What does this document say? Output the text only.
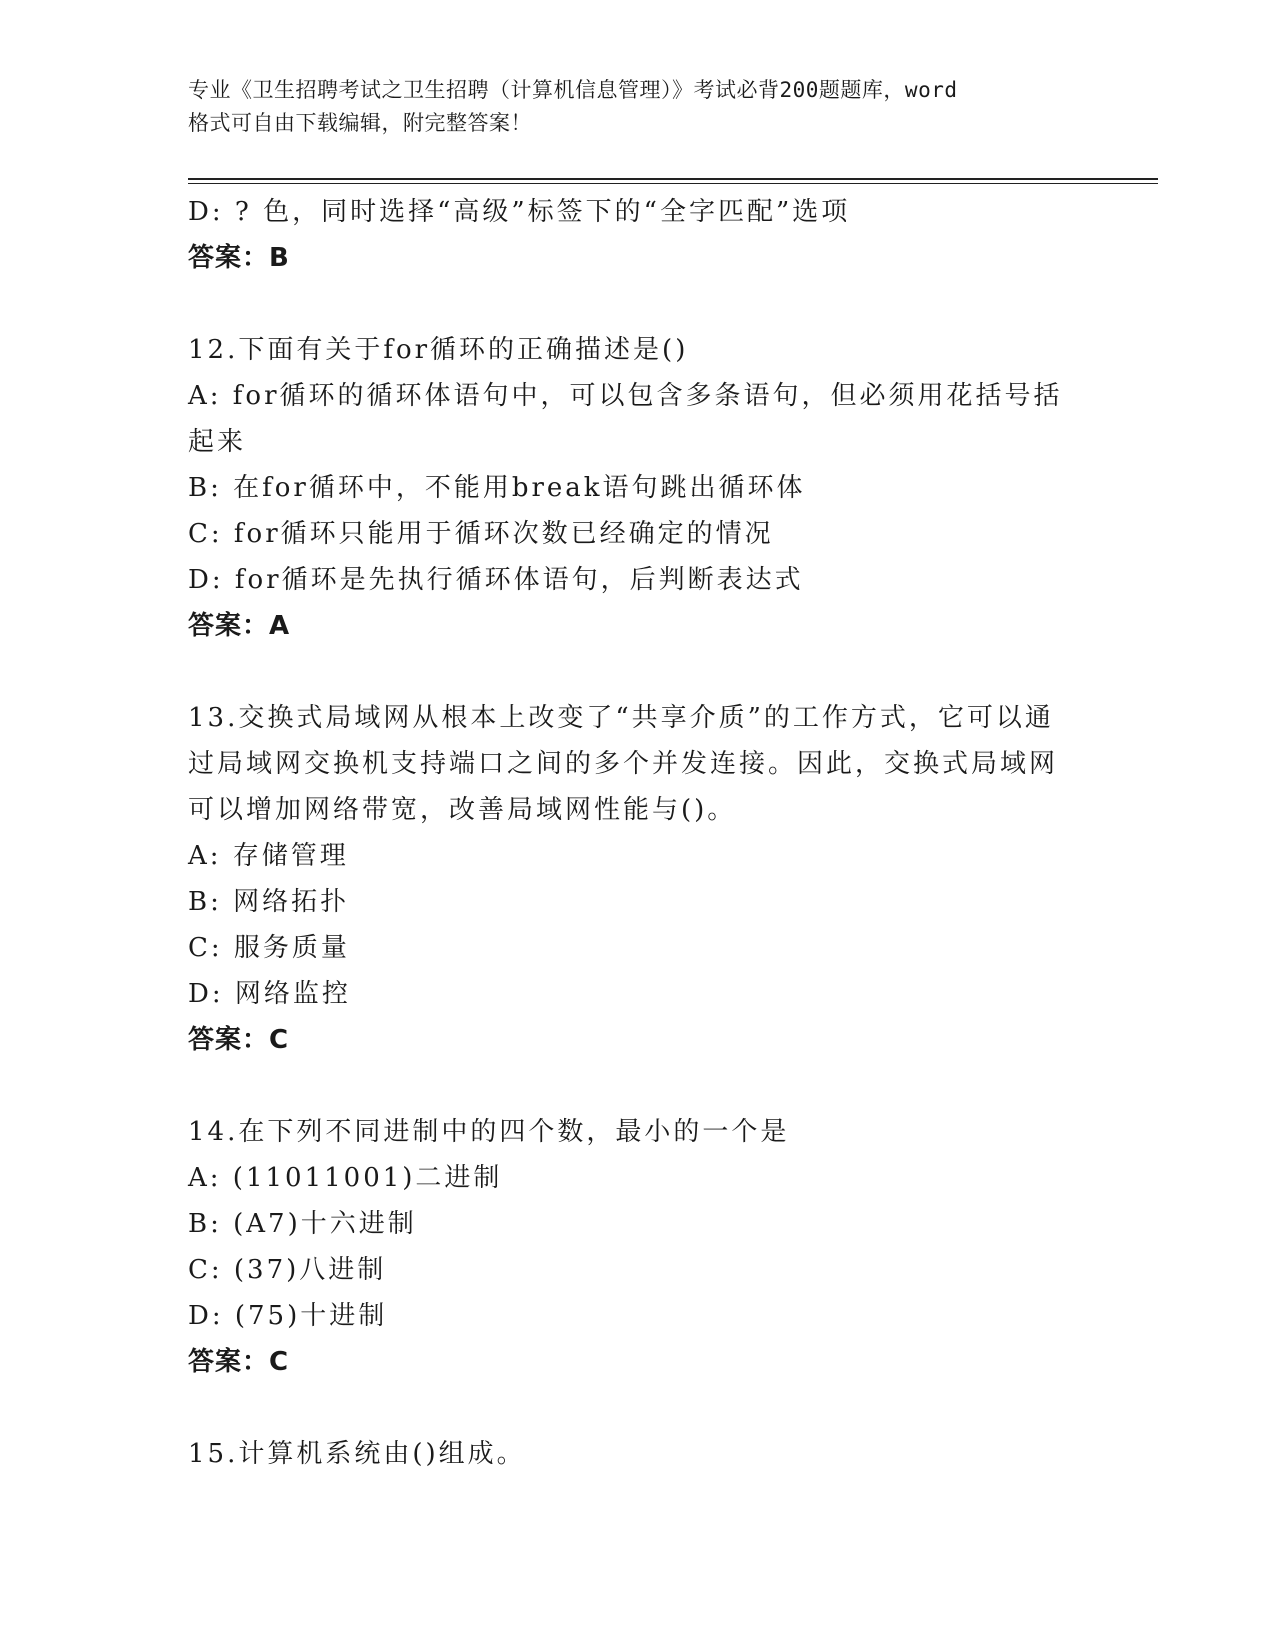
专业《卫生招聘考试之卫生招聘（计算机信息管理）》考试必背200题题库，word
格式可自由下载编辑，附完整答案！
D: ? 色，同时选择“高级”标签下的“全字匹配”选项
答案：B
12.下面有关于for循环的正确描述是()
A: for循环的循环体语句中，可以包含多条语句，但必须用花括号括
起来
B: 在for循环中，不能用break语句跳出循环体
C: for循环只能用于循环次数已经确定的情况
D: for循环是先执行循环体语句，后判断表达式
答案：A
13.交换式局域网从根本上改变了“共享介质”的工作方式，它可以通
过局域网交换机支持端口之间的多个并发连接。因此，交换式局域网
可以增加网络带宽，改善局域网性能与()。
A: 存储管理
B: 网络拓扑
C: 服务质量
D: 网络监控
答案：C
14.在下列不同进制中的四个数，最小的一个是
A: (11011001)二进制
B: (A7)十六进制
C: (37)八进制
D: (75)十进制
答案：C
15.计算机系统由()组成。
